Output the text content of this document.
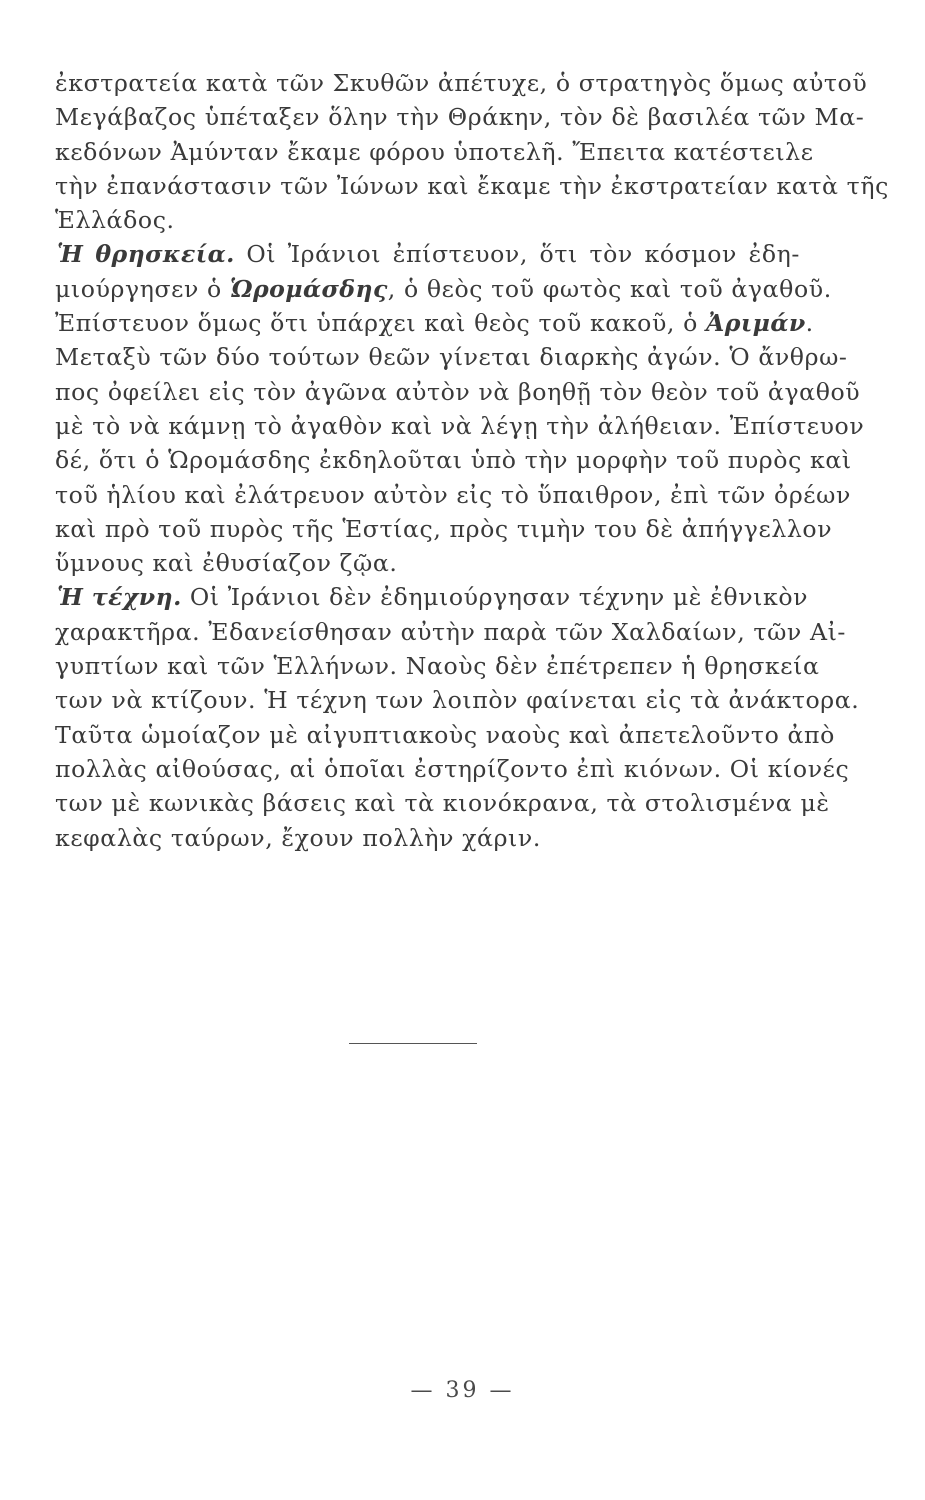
ἐκστρατεία κατὰ τῶν Σκυθῶν ἀπέτυχε, ὁ στρατηγὸς ὅμως αὐτοῦ
Μεγάβαζος ὑπέταξεν ὅλην τὴν Θράκην, τὸν δὲ βασιλέα τῶν Μα-
κεδόνων Ἀμύνταν ἔκαμε φόρου ὑποτελῆ. Ἔπειτα κατέστειλε
τὴν ἐπανάστασιν τῶν Ἰώνων καὶ ἔκαμε τὴν ἐκστρατείαν κατὰ τῆς
Ἑλλάδος.
Ἡ θρησκεία. Οἱ Ἰράνιοι ἐπίστευον, ὅτι τὸν κόσμον ἐδη-
μιούργησεν ὁ Ὡρομάσδης, ὁ θεὸς τοῦ φωτὸς καὶ τοῦ ἀγαθοῦ.
Ἐπίστευον ὅμως ὅτι ὑπάρχει καὶ θεὸς τοῦ κακοῦ, ὁ Ἀριμάν.
Μεταξὺ τῶν δύο τούτων θεῶν γίνεται διαρκὴς ἀγών. Ὁ ἄνθρω-
πος ὀφείλει εἰς τὸν ἀγῶνα αὐτὸν νὰ βοηθῇ τὸν θεὸν τοῦ ἀγαθοῦ
μὲ τὸ νὰ κάμνῃ τὸ ἀγαθὸν καὶ νὰ λέγῃ τὴν ἀλήθειαν. Ἐπίστευον
δέ, ὅτι ὁ Ὡρομάσδης ἐκδηλοῦται ὑπὸ τὴν μορφὴν τοῦ πυρὸς καὶ
τοῦ ἡλίου καὶ ἐλάτρευον αὐτὸν εἰς τὸ ὕπαιθρον, ἐπὶ τῶν ὀρέων
καὶ πρὸ τοῦ πυρὸς τῆς Ἑστίας, πρὸς τιμὴν του δὲ ἀπήγγελλον
ὕμνους καὶ ἐθυσίαζον ζῷα.
Ἡ τέχνη. Οἱ Ἰράνιοι δὲν ἐδημιούργησαν τέχνην μὲ ἐθνικὸν
χαρακτῆρα. Ἐδανείσθησαν αὐτὴν παρὰ τῶν Χαλδαίων, τῶν Αἰ-
γυπτίων καὶ τῶν Ἑλλήνων. Ναοὺς δὲν ἐπέτρεπεν ἡ θρησκεία
των νὰ κτίζουν. Ἡ τέχνη των λοιπὸν φαίνεται εἰς τὰ ἀνάκτορα.
Ταῦτα ὡμοίαζον μὲ αἰγυπτιακοὺς ναοὺς καὶ ἀπετελοῦντο ἀπὸ
πολλὰς αἰθούσας, αἱ ὁποῖαι ἐστηρίζοντο ἐπὶ κιόνων. Οἱ κίονές
των μὲ κωνικὰς βάσεις καὶ τὰ κιονόκρανα, τὰ στολισμένα μὲ
κεφαλὰς ταύρων, ἔχουν πολλὴν χάριν.
— 39 —
